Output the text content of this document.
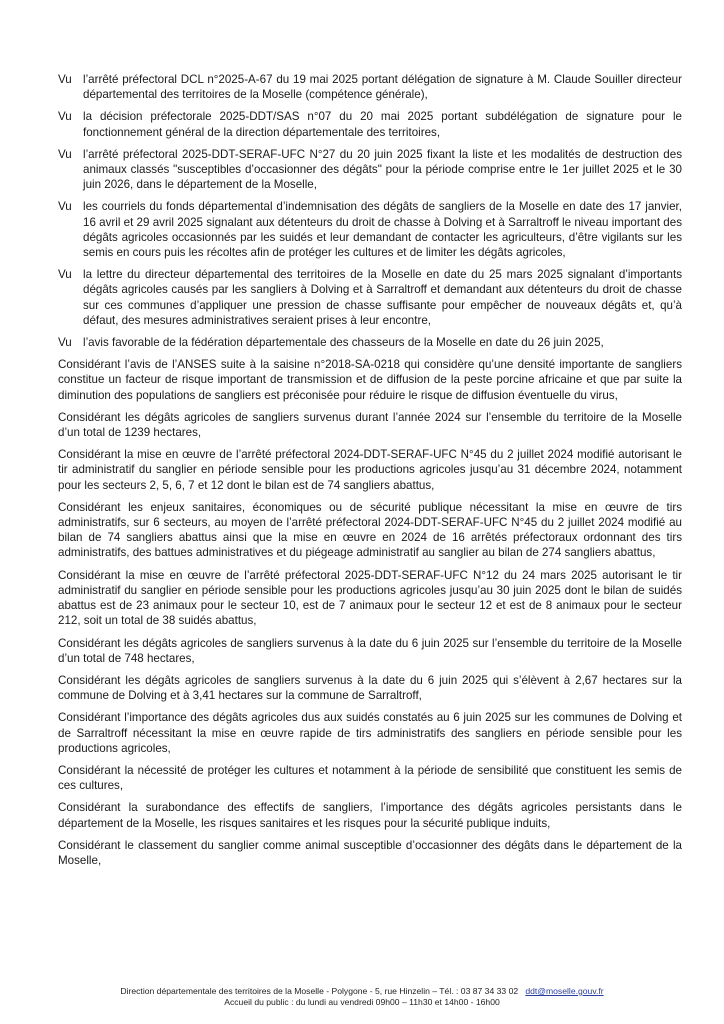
Vu l’arrêté préfectoral DCL n°2025-A-67 du 19 mai 2025 portant délégation de signature à M. Claude Souiller directeur départemental des territoires de la Moselle (compétence générale),
Vu la décision préfectorale 2025-DDT/SAS n°07 du 20 mai 2025 portant subdélégation de signature pour le fonctionnement général de la direction départementale des territoires,
Vu l’arrêté préfectoral 2025-DDT-SERAF-UFC N°27 du 20 juin 2025 fixant la liste et les modalités de destruction des animaux classés "susceptibles d’occasionner des dégâts" pour la période comprise entre le 1er juillet 2025 et le 30 juin 2026, dans le département de la Moselle,
Vu les courriels du fonds départemental d’indemnisation des dégâts de sangliers de la Moselle en date des 17 janvier, 16 avril et 29 avril 2025 signalant aux détenteurs du droit de chasse à Dolving et à Sarraltroff le niveau important des dégâts agricoles occasionnés par les suidés et leur demandant de contacter les agriculteurs, d’être vigilants sur les semis en cours puis les récoltes afin de protéger les cultures et de limiter les dégâts agricoles,
Vu la lettre du directeur départemental des territoires de la Moselle en date du 25 mars 2025 signalant d’importants dégâts agricoles causés par les sangliers à Dolving et à Sarraltroff et demandant aux détenteurs du droit de chasse sur ces communes d’appliquer une pression de chasse suffisante pour empêcher de nouveaux dégâts et, qu’à défaut, des mesures administratives seraient prises à leur encontre,
Vu l’avis favorable de la fédération départementale des chasseurs de la Moselle en date du 26 juin 2025,

Considérant l’avis de l’ANSES suite à la saisine n°2018-SA-0218 qui considère qu’une densité importante de sangliers constitue un facteur de risque important de transmission et de diffusion de la peste porcine africaine et que par suite la diminution des populations de sangliers est préconisée pour réduire le risque de diffusion éventuelle du virus,

Considérant les dégâts agricoles de sangliers survenus durant l’année 2024 sur l’ensemble du territoire de la Moselle d’un total de 1239 hectares,

Considérant la mise en œuvre de l’arrêté préfectoral 2024-DDT-SERAF-UFC N°45 du 2 juillet 2024 modifié autorisant le tir administratif du sanglier en période sensible pour les productions agricoles jusqu’au 31 décembre 2024, notamment pour les secteurs 2, 5, 6, 7 et 12 dont le bilan est de 74 sangliers abattus,

Considérant les enjeux sanitaires, économiques ou de sécurité publique nécessitant la mise en œuvre de tirs administratifs, sur 6 secteurs, au moyen de l’arrêté préfectoral 2024-DDT-SERAF-UFC N°45 du 2 juillet 2024 modifié au bilan de 74 sangliers abattus ainsi que la mise en œuvre en 2024 de 16 arrêtés préfectoraux ordonnant des tirs administratifs, des battues administratives et du piégeage administratif au sanglier au bilan de 274 sangliers abattus,

Considérant la mise en œuvre de l’arrêté préfectoral 2025-DDT-SERAF-UFC N°12 du 24 mars 2025 autorisant le tir administratif du sanglier en période sensible pour les productions agricoles jusqu’au 30 juin 2025 dont le bilan de suidés abattus est de 23 animaux pour le secteur 10, est de 7 animaux pour le secteur 12 et est de 8 animaux pour le secteur 212, soit un total de 38 suidés abattus,

Considérant les dégâts agricoles de sangliers survenus à la date du 6 juin 2025 sur l’ensemble du territoire de la Moselle d’un total de 748 hectares,

Considérant les dégâts agricoles de sangliers survenus à la date du 6 juin 2025 qui s’élèvent à 2,67 hectares sur la commune de Dolving et à 3,41 hectares sur la commune de Sarraltroff,

Considérant l’importance des dégâts agricoles dus aux suidés constatés au 6 juin 2025 sur les communes de Dolving et de Sarraltroff nécessitant la mise en œuvre rapide de tirs administratifs des sangliers en période sensible pour les productions agricoles,

Considérant la nécessité de protéger les cultures et notamment à la période de sensibilité que constituent les semis de ces cultures,

Considérant la surabondance des effectifs de sangliers, l’importance des dégâts agricoles persistants dans le département de la Moselle, les risques sanitaires et les risques pour la sécurité publique induits,

Considérant le classement du sanglier comme animal susceptible d’occasionner des dégâts dans le département de la Moselle,

Direction départementale des territoires de la Moselle - Polygone - 5, rue Hinzelin – Tél. : 03 87 34 33 02 ddt@moselle.gouv.fr
Accueil du public : du lundi au vendredi 09h00 – 11h30 et 14h00 - 16h00
